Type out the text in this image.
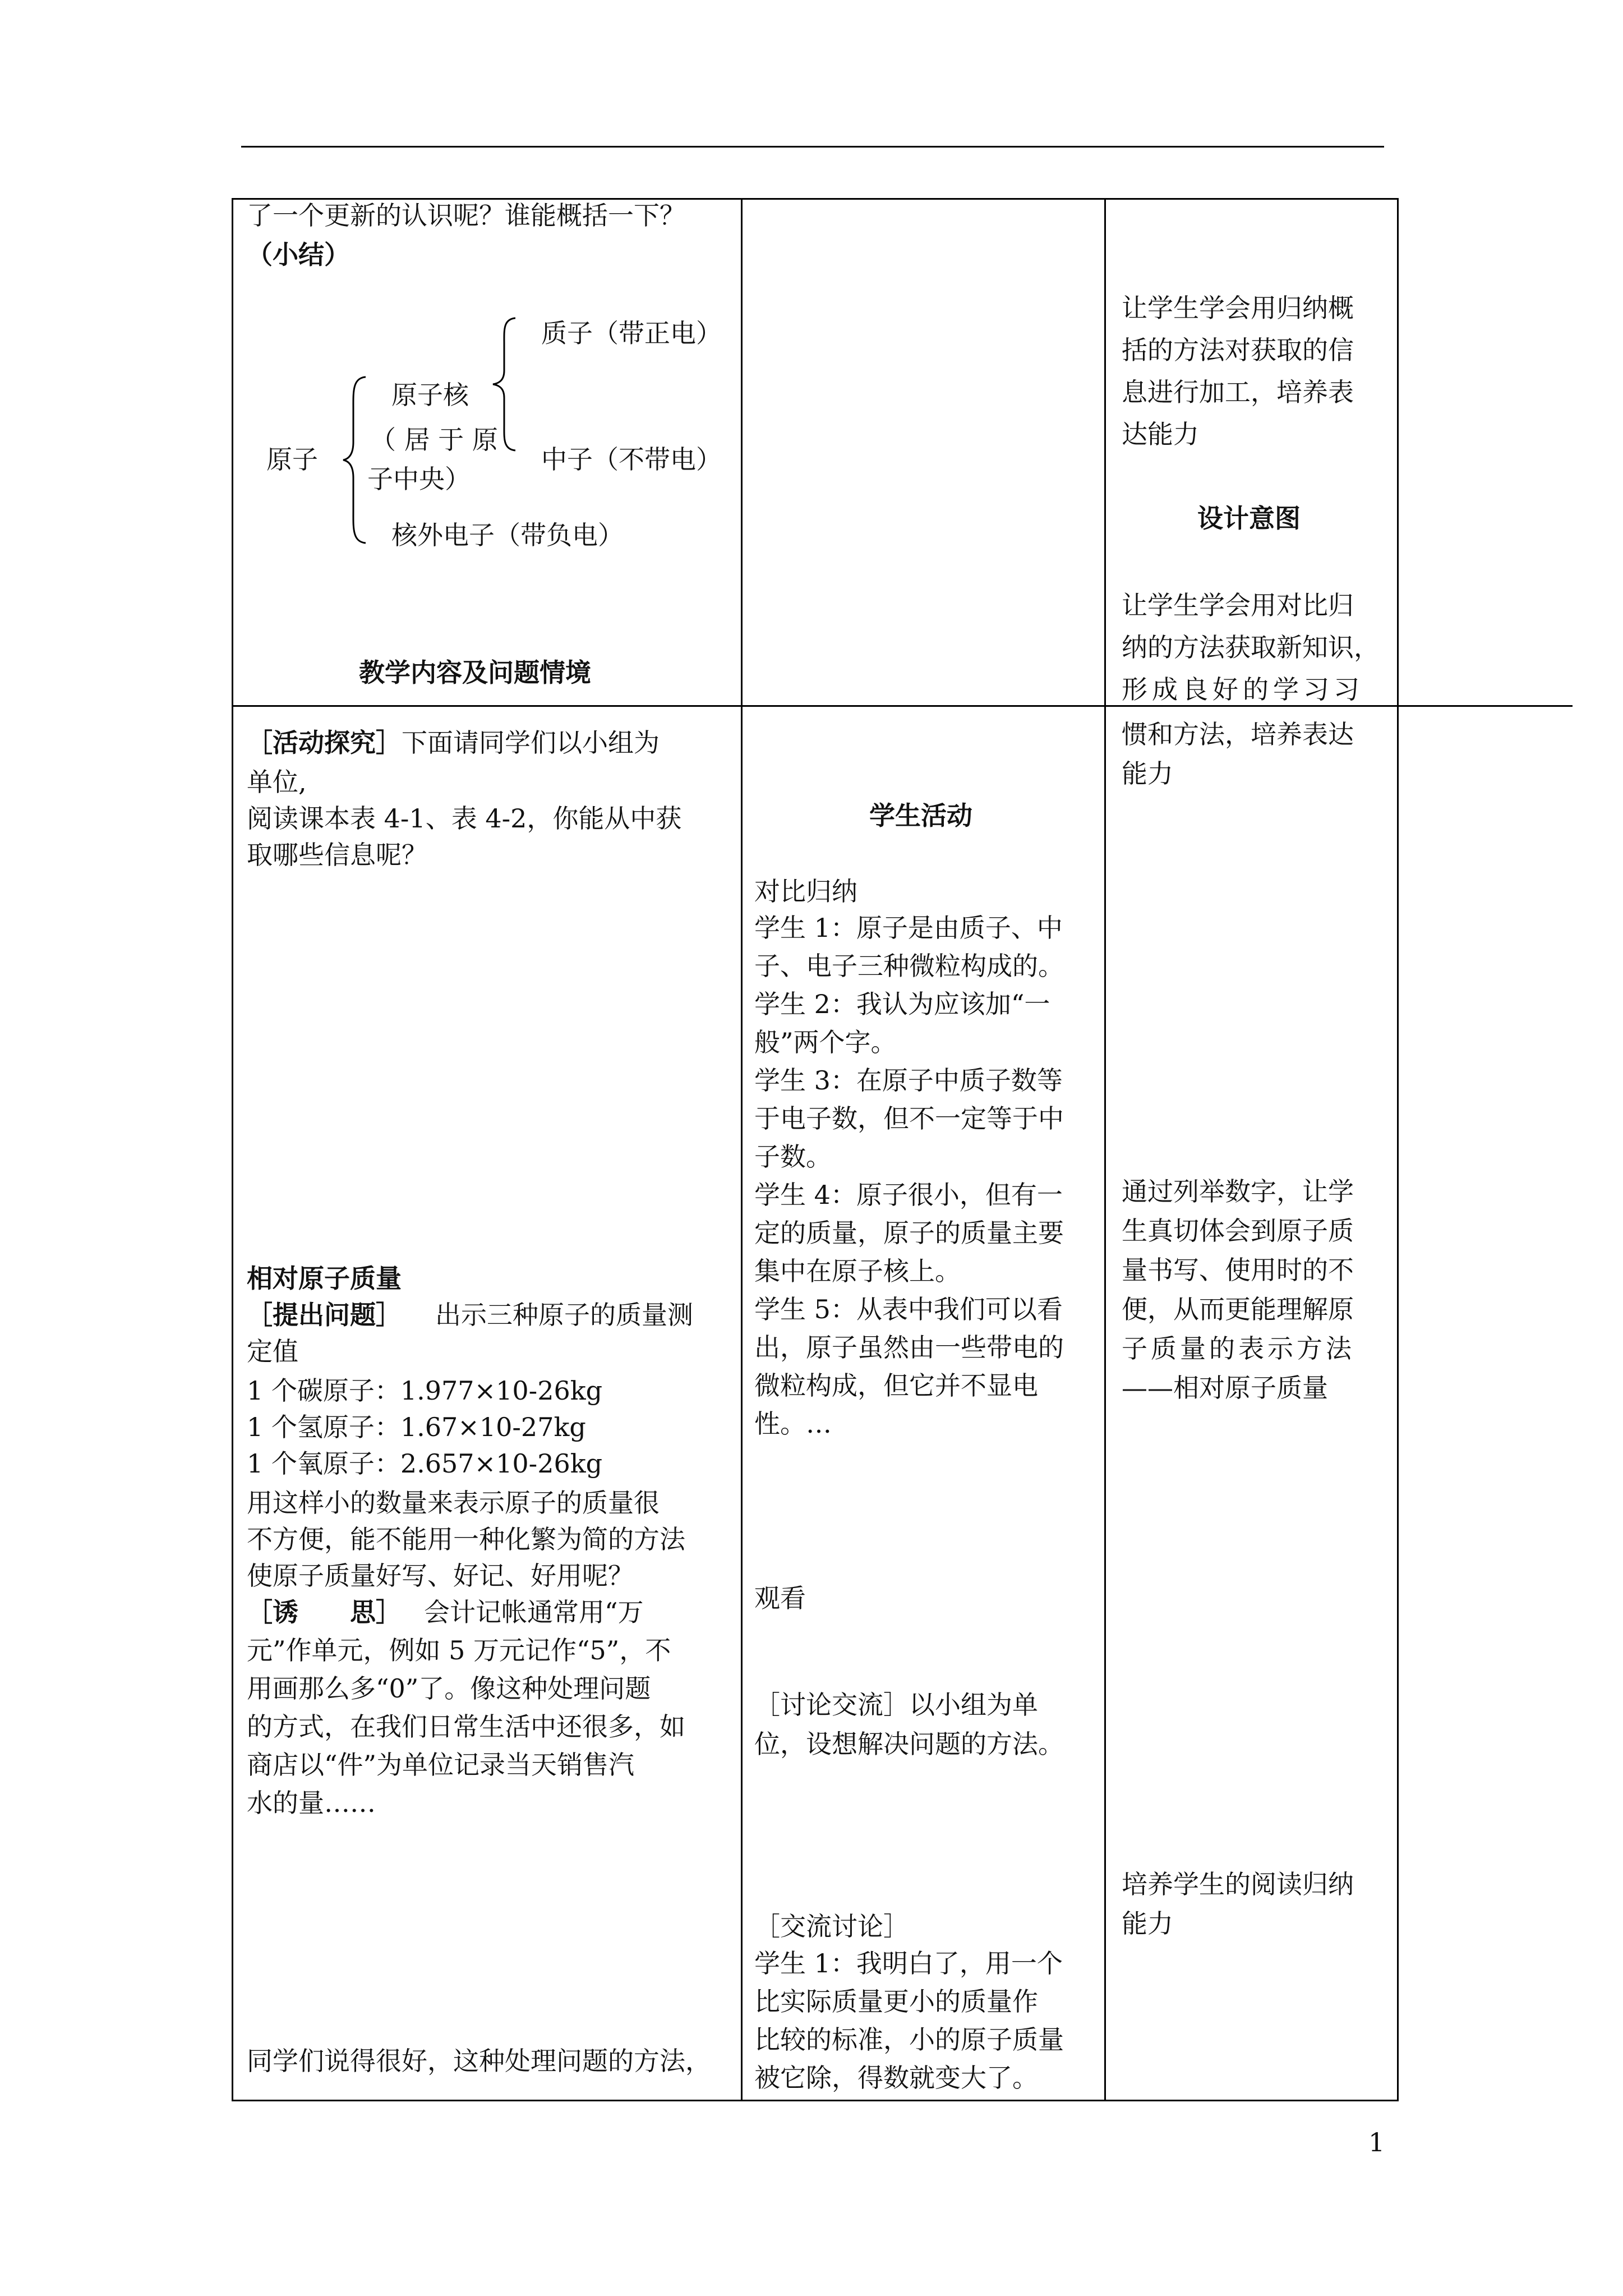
了一个更新的认识呢？谁能概括一下？
（小结）
原子
原子核
（ 居 于 原
子中央）
质子（带正电）
中子（不带电）
核外电子（带负电）
教学内容及问题情境
［活动探究］下面请同学们以小组为
单位,
阅读课本表 4-1、表 4-2，你能从中获
取哪些信息呢？
相对原子质量
［提出问题］ 出示三种原子的质量测
定值
1 个碳原子：1.977×10-26kg
1 个氢原子：1.67×10-27kg
1 个氧原子：2.657×10-26kg
用这样小的数量来表示原子的质量很
不方便，能不能用一种化繁为简的方法
使原子质量好写、好记、好用呢？
［诱　　思］ 会计记帐通常用“万
元”作单元，例如 5 万元记作“5”，不
用画那么多“0”了。像这种处理问题
的方式，在我们日常生活中还很多，如
商店以“件”为单位记录当天销售汽
水的量……
同学们说得很好，这种处理问题的方法，
学生活动
对比归纳
学生 1：原子是由质子、中
子、电子三种微粒构成的。
学生 2：我认为应该加“一
般”两个字。
学生 3：在原子中质子数等
于电子数，但不一定等于中
子数。
学生 4：原子很小，但有一
定的质量，原子的质量主要
集中在原子核上。
学生 5：从表中我们可以看
出，原子虽然由一些带电的
微粒构成，但它并不显电
性。…
观看
［讨论交流］以小组为单
位，设想解决问题的方法。
［交流讨论］
学生 1：我明白了，用一个
比实际质量更小的质量作
比较的标准，小的原子质量
被它除，得数就变大了。
让学生学会用归纳概
括的方法对获取的信
息进行加工，培养表
达能力
设计意图
让学生学会用对比归
纳的方法获取新知识，
形成良好的学习习
惯和方法，培养表达
能力
通过列举数字，让学
生真切体会到原子质
量书写、使用时的不
便，从而更能理解原
子质量的表示方法
——相对原子质量
培养学生的阅读归纳
能力
1
